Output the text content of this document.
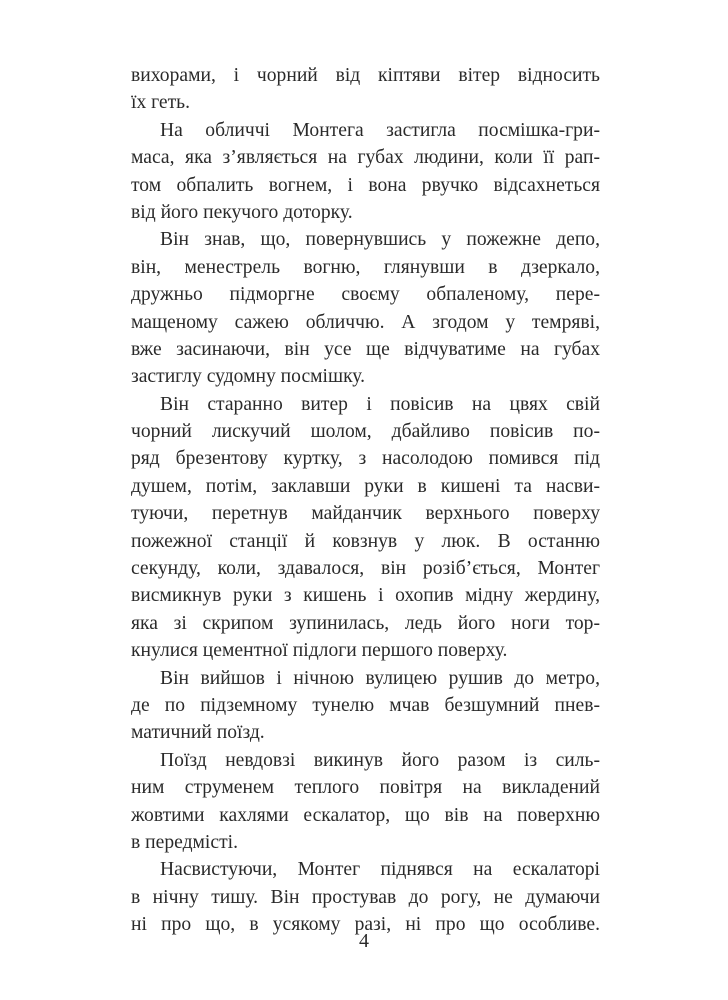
вихорами, і чорний від кіптяви вітер відносить
їх геть.
На обличчі Монтега застигла посмішка-гри-
маса, яка з’являється на губах людини, коли її рап-
том обпалить вогнем, і вона рвучко відсахнеться
від його пекучого доторку.
Він знав, що, повернувшись у пожежне депо,
він, менестрель вогню, глянувши в дзеркало,
дружньо підморгне своєму обпаленому, пере-
мащеному сажею обличчю. А згодом у темряві,
вже засинаючи, він усе ще відчуватиме на губах
застиглу судомну посмішку.
Він старанно витер і повісив на цвях свій
чорний лискучий шолом, дбайливо повісив по-
ряд брезентову куртку, з насолодою помився під
душем, потім, заклавши руки в кишені та насви-
туючи, перетнув майданчик верхнього поверху
пожежної станції й ковзнув у люк. В останню
секунду, коли, здавалося, він розіб’ється, Монтег
висмикнув руки з кишень і охопив мідну жердину,
яка зі скрипом зупинилась, ледь його ноги тор-
кнулися цементної підлоги першого поверху.
Він вийшов і нічною вулицею рушив до метро,
де по підземному тунелю мчав безшумний пнев-
матичний поїзд.
Поїзд невдовзі викинув його разом із силь-
ним струменем теплого повітря на викладений
жовтими кахлями ескалатор, що вів на поверхню
в передмісті.
Насвистуючи, Монтег піднявся на ескалаторі
в нічну тишу. Він простував до рогу, не думаючи
ні про що, в усякому разі, ні про що особливе.
4
